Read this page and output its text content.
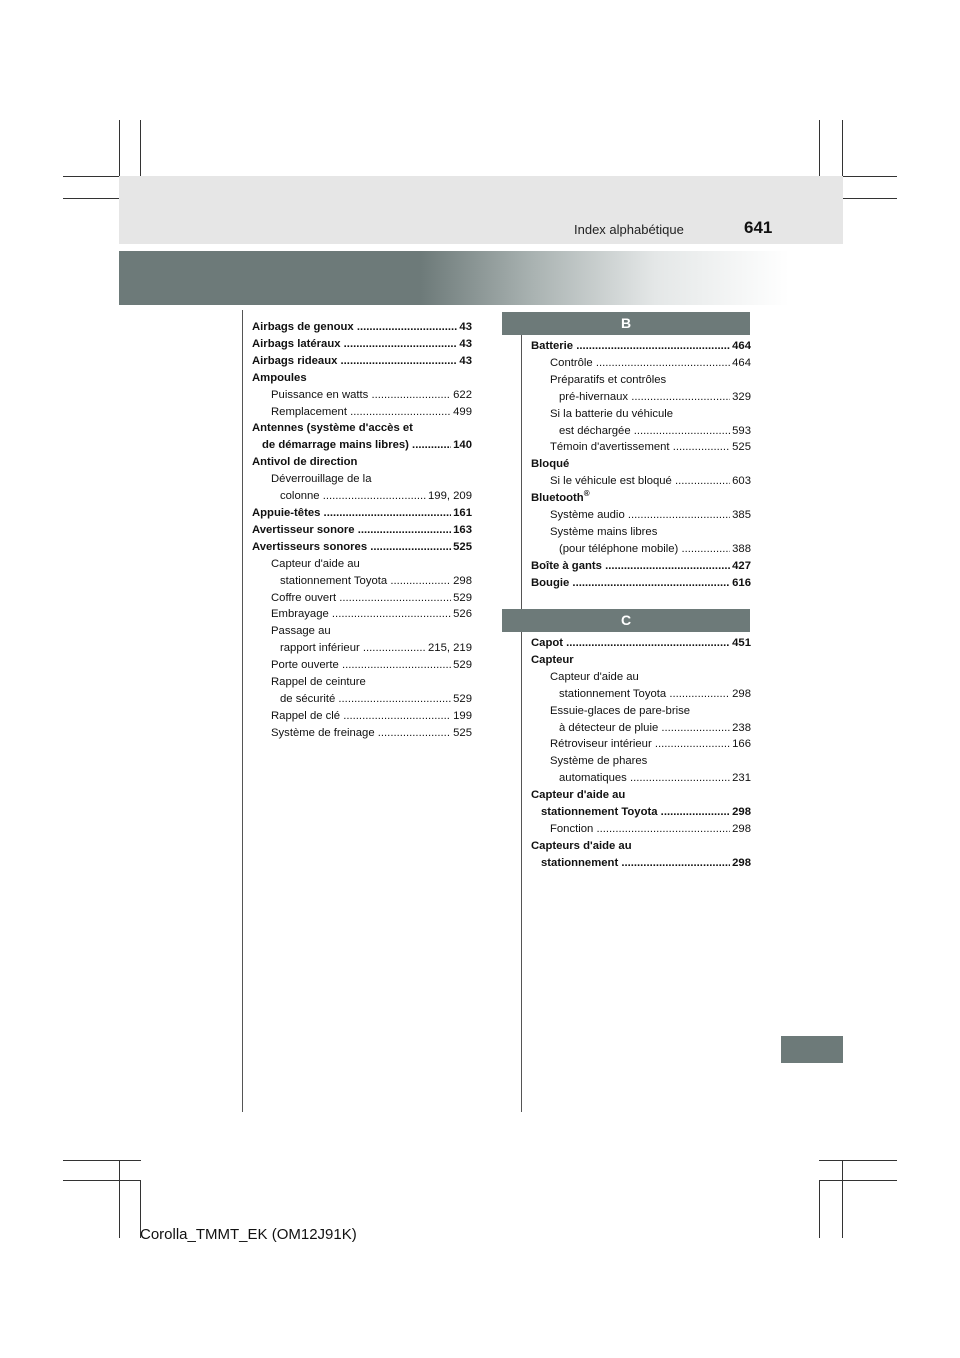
Index alphabétique	641
B
C
Airbags de genoux .....	43
Airbags latéraux .....	43
Airbags rideaux .....	43
Ampoules
Puissance en watts .....	622
Remplacement .....	499
Antennes (système d'accès et
de démarrage mains libres) .....	140
Antivol de direction
Déverrouillage de la
colonne .....	199, 209
Appuie-têtes .....	161
Avertisseur sonore .....	163
Avertisseurs sonores .....	525
Capteur d'aide au
stationnement Toyota .....	298
Coffre ouvert .....	529
Embrayage .....	526
Passage au
rapport inférieur .....	215, 219
Porte ouverte .....	529
Rappel de ceinture
de sécurité .....	529
Rappel de clé .....	199
Système de freinage .....	525
Batterie .....	464
Contrôle .....	464
Préparatifs et contrôles
pré-hivernaux .....	329
Si la batterie du véhicule
est déchargée .....	593
Témoin d'avertissement .....	525
Bloqué
Si le véhicule est bloqué .....	603
Bluetooth®
Système audio .....	385
Système mains libres
(pour téléphone mobile) .....	388
Boîte à gants .....	427
Bougie .....	616
Capot .....	451
Capteur
Capteur d'aide au
stationnement Toyota .....	298
Essuie-glaces de pare-brise
à détecteur de pluie .....	238
Rétroviseur intérieur .....	166
Système de phares
automatiques .....	231
Capteur d'aide au
stationnement Toyota .....	298
Fonction .....	298
Capteurs d'aide au
stationnement .....	298
Corolla_TMMT_EK (OM12J91K)
